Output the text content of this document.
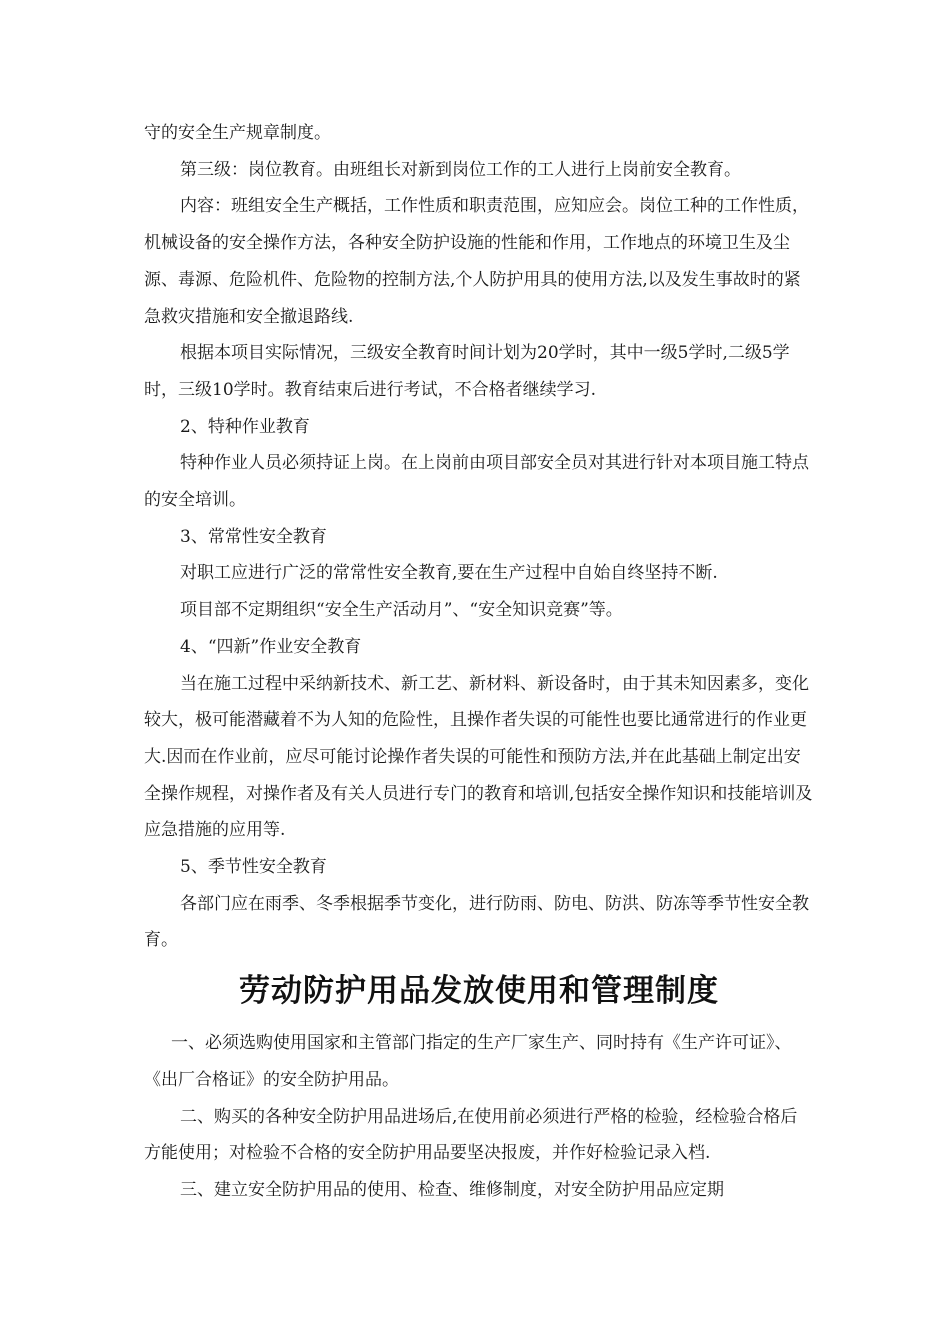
守的安全生产规章制度。

第三级：岗位教育。由班组长对新到岗位工作的工人进行上岗前安全教育。

内容：班组安全生产概括，工作性质和职责范围，应知应会。岗位工种的工作性质，机械设备的安全操作方法，各种安全防护设施的性能和作用，工作地点的环境卫生及尘源、毒源、危险机件、危险物的控制方法,个人防护用具的使用方法,以及发生事故时的紧急救灾措施和安全撤退路线.

根据本项目实际情况，三级安全教育时间计划为20学时，其中一级5学时,二级5学时，三级10学时。教育结束后进行考试，不合格者继续学习.

2、特种作业教育

特种作业人员必须持证上岗。在上岗前由项目部安全员对其进行针对本项目施工特点的安全培训。

3、常常性安全教育

对职工应进行广泛的常常性安全教育,要在生产过程中自始自终坚持不断.

项目部不定期组织“安全生产活动月”、“安全知识竞赛”等。

4、“四新”作业安全教育

当在施工过程中采纳新技术、新工艺、新材料、新设备时，由于其未知因素多，变化较大，极可能潜藏着不为人知的危险性，且操作者失误的可能性也要比通常进行的作业更大.因而在作业前，应尽可能讨论操作者失误的可能性和预防方法,并在此基础上制定出安全操作规程，对操作者及有关人员进行专门的教育和培训,包括安全操作知识和技能培训及应急措施的应用等.

5、季节性安全教育

各部门应在雨季、冬季根据季节变化，进行防雨、防电、防洪、防冻等季节性安全教育。

劳动防护用品发放使用和管理制度

一、必须选购使用国家和主管部门指定的生产厂家生产、同时持有《生产许可证》、《出厂合格证》的安全防护用品。

二、购买的各种安全防护用品进场后,在使用前必须进行严格的检验，经检验合格后方能使用；对检验不合格的安全防护用品要坚决报废，并作好检验记录入档.

三、建立安全防护用品的使用、检查、维修制度，对安全防护用品应定期
